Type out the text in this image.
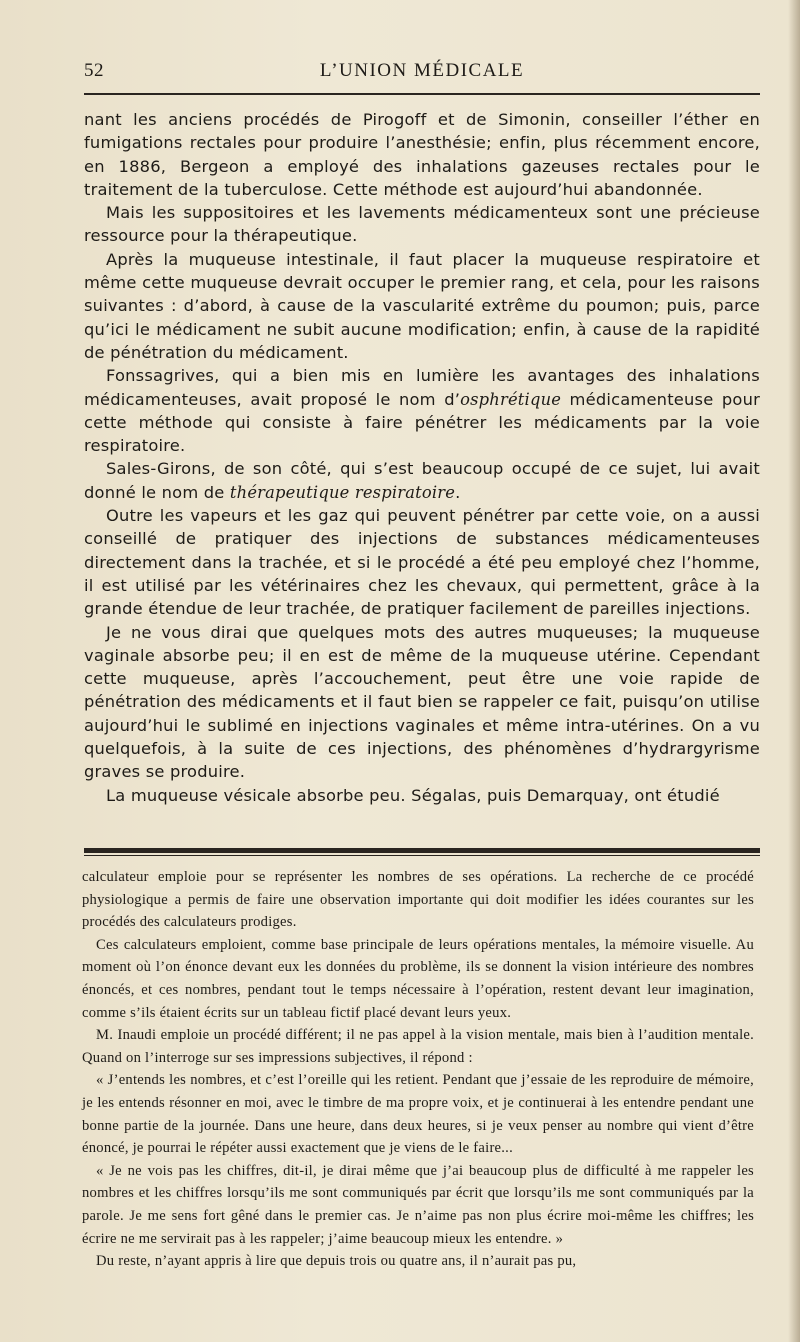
52	L’UNION MÉDICALE

nant les anciens procédés de Pirogoff et de Simonin, conseiller l’éther en fumigations rectales pour produire l’anesthésie; enfin, plus récemment encore, en 1886, Bergeon a employé des inhalations gazeuses rectales pour le traitement de la tuberculose. Cette méthode est aujourd’hui abandonnée.

Mais les suppositoires et les lavements médicamenteux sont une précieuse ressource pour la thérapeutique.

Après la muqueuse intestinale, il faut placer la muqueuse respiratoire et même cette muqueuse devrait occuper le premier rang, et cela, pour les raisons suivantes : d’abord, à cause de la vascularité extrême du poumon; puis, parce qu’ici le médicament ne subit aucune modification; enfin, à cause de la rapidité de pénétration du médicament.

Fonssagrives, qui a bien mis en lumière les avantages des inhalations médicamenteuses, avait proposé le nom d’osphrétique médicamenteuse pour cette méthode qui consiste à faire pénétrer les médicaments par la voie respiratoire.

Sales-Girons, de son côté, qui s’est beaucoup occupé de ce sujet, lui avait donné le nom de thérapeutique respiratoire.

Outre les vapeurs et les gaz qui peuvent pénétrer par cette voie, on a aussi conseillé de pratiquer des injections de substances médicamenteuses directement dans la trachée, et si le procédé a été peu employé chez l’homme, il est utilisé par les vétérinaires chez les chevaux, qui permettent, grâce à la grande étendue de leur trachée, de pratiquer facilement de pareilles injections.

Je ne vous dirai que quelques mots des autres muqueuses; la muqueuse vaginale absorbe peu; il en est de même de la muqueuse utérine. Cependant cette muqueuse, après l’accouchement, peut être une voie rapide de pénétration des médicaments et il faut bien se rappeler ce fait, puisqu’on utilise aujourd’hui le sublimé en injections vaginales et même intra-utérines. On a vu quelquefois, à la suite de ces injections, des phénomènes d’hydrargyrisme graves se produire.

La muqueuse vésicale absorbe peu. Ségalas, puis Demarquay, ont étudié

calculateur emploie pour se représenter les nombres de ses opérations. La recherche de ce procédé physiologique a permis de faire une observation importante qui doit modifier les idées courantes sur les procédés des calculateurs prodiges.

Ces calculateurs emploient, comme base principale de leurs opérations mentales, la mémoire visuelle. Au moment où l’on énonce devant eux les données du problème, ils se donnent la vision intérieure des nombres énoncés, et ces nombres, pendant tout le temps nécessaire à l’opération, restent devant leur imagination, comme s’ils étaient écrits sur un tableau fictif placé devant leurs yeux.

M. Inaudi emploie un procédé différent; il ne pas appel à la vision mentale, mais bien à l’audition mentale. Quand on l’interroge sur ses impressions subjectives, il répond :

« J’entends les nombres, et c’est l’oreille qui les retient. Pendant que j’essaie de les reproduire de mémoire, je les entends résonner en moi, avec le timbre de ma propre voix, et je continuerai à les entendre pendant une bonne partie de la journée. Dans une heure, dans deux heures, si je veux penser au nombre qui vient d’être énoncé, je pourrai le répéter aussi exactement que je viens de le faire...

« Je ne vois pas les chiffres, dit-il, je dirai même que j’ai beaucoup plus de difficulté à me rappeler les nombres et les chiffres lorsqu’ils me sont communiqués par écrit que lorsqu’ils me sont communiqués par la parole. Je me sens fort gêné dans le premier cas. Je n’aime pas non plus écrire moi-même les chiffres; les écrire ne me servirait pas à les rappeler; j’aime beaucoup mieux les entendre. »

Du reste, n’ayant appris à lire que depuis trois ou quatre ans, il n’aurait pas pu,
